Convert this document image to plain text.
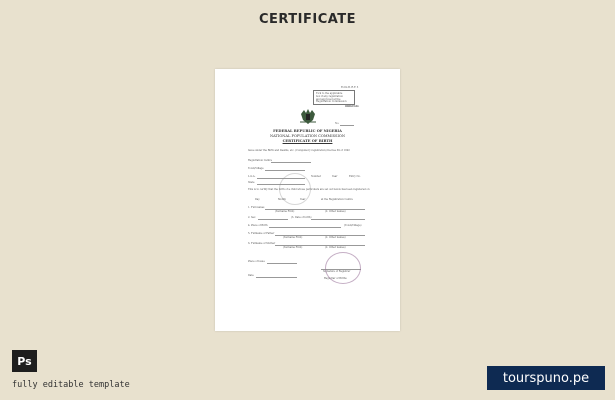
CERTIFICATE
Form B. R.F. 3
Tick to the applicable
box if any registration
and approved at the
Registration Commission
ORIGINAL
No.
FEDERAL REPUBLIC OF NIGERIA
NATIONAL POPULATION COMMISSION
CERTIFICATE OF BIRTH
Issue under the Birth and Deaths, etc. (Compulsory registration) Decree 69 of 1992
Registration Centre
Town/Village
L.G.A.	Number	Year	Entry No.
State
This is to certify that the birth of a child whose particulars are set out below has been registered on
Day	Month	Year	at the Registration Centre
1. Full names
(Surname First)	(2. Other names)
2. Sex	(3. Date of birth)
4. Place of Birth	(Town/Village)
5. Fullname of Father
(Surname First)	(2. Other names)
6. Fullname of Mother
(Surname First)	(2. Other names)
Place of Issue
Date
Signature of Registrar
Registrar of Births
Ps
fully editable template	tourspuno.pe
